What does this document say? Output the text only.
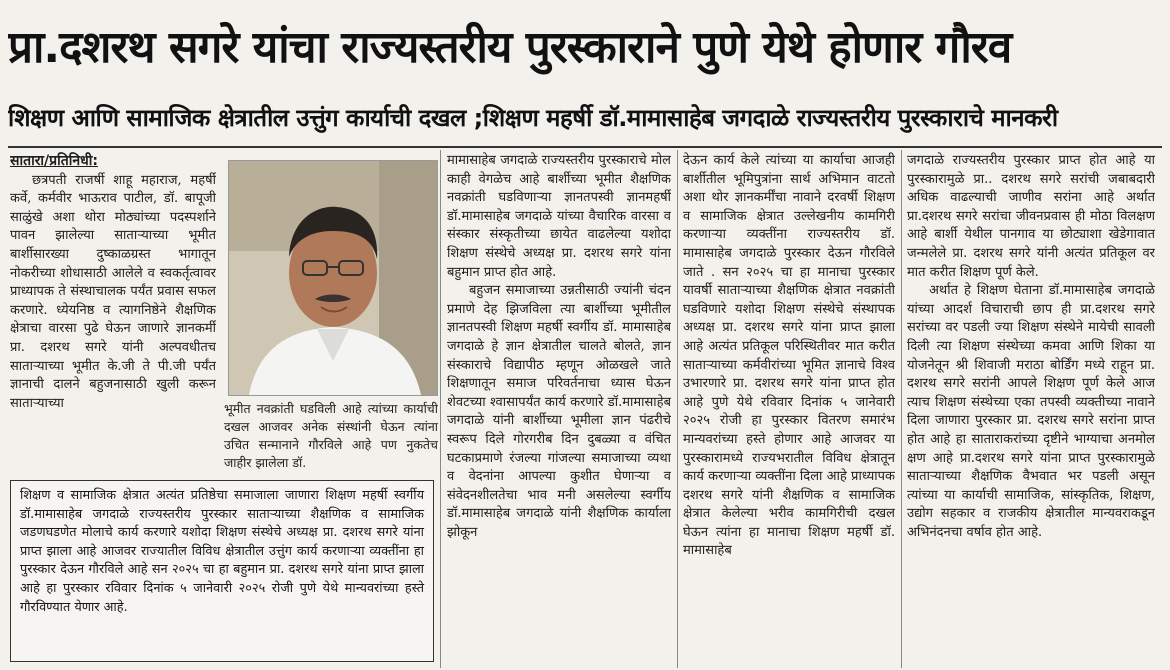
प्रा.दशरथ सगरे यांचा राज्यस्तरीय पुरस्काराने पुणे येथे होणार गौरव
शिक्षण आणि सामाजिक क्षेत्रातील उत्तुंग कार्याची दखल ;शिक्षण महर्षी डॉ.मामासाहेब जगदाळे राज्यस्तरीय पुरस्काराचे मानकरी

सातारा/प्रतिनिधी:

छत्रपती राजर्षी शाहू महाराज, महर्षी कर्वे, कर्मवीर भाऊराव पाटील, डॉ. बापूजी साळुंखे अशा थोरा मोठ्यांच्या पदस्पर्शाने पावन झालेल्या साताऱ्याच्या भूमीत बार्शीसारख्या दुष्काळग्रस्त भागातून नोकरीच्या शोधासाठी आलेले व स्वकर्तृत्वावर प्राध्यापक ते संस्थाचालक पर्यंत प्रवास सफल करणारे. ध्येयनिष्ठ व त्यागनिष्ठेने शैक्षणिक क्षेत्राचा वारसा पुढे घेऊन जाणारे ज्ञानकर्मी प्रा. दशरथ सगरे यांनी अल्पवधीतच साताऱ्याच्या भूमीत के.जी ते पी.जी पर्यंत ज्ञानाची दालने बहुजनासाठी खुली करून साताऱ्याच्या	भूमीत नवक्रांती घडविली आहे त्यांच्या कार्याची दखल आजवर अनेक संस्थांनी घेऊन त्यांना उचित सन्मानाने गौरविले आहे पण नुकतेच जाहीर झालेला डॉ.

शिक्षण व सामाजिक क्षेत्रात अत्यंत प्रतिष्ठेचा समाजाला जाणारा शिक्षण महर्षी स्वर्गीय डॉ.मामासाहेब जगदाळे राज्यस्तरीय पुरस्कार साताऱ्याच्या शैक्षणिक व सामाजिक जडणघडणेत मोलाचे कार्य करणारे यशोदा शिक्षण संस्थेचे अध्यक्ष प्रा. दशरथ सगरे यांना प्राप्त झाला आहे आजवर राज्यातील विविध क्षेत्रातील उत्तुंग कार्य करणाऱ्या व्यक्तींना हा पुरस्कार देऊन गौरविले आहे सन २०२५ चा हा बहुमान प्रा. दशरथ सगरे यांना प्राप्त झाला आहे हा पुरस्कार रविवार दिनांक ५ जानेवारी २०२५ रोजी पुणे येथे मान्यवरांच्या हस्ते गौरविण्यात येणार आहे.

मामासाहेब जगदाळे राज्यस्तरीय पुरस्काराचे मोल काही वेगळेच आहे बार्शीच्या भूमीत शैक्षणिक नवक्रांती घडविणाऱ्या ज्ञानतपस्वी ज्ञानमहर्षी डॉ.मामासाहेब जगदाळे यांच्या वैचारिक वारसा व संस्कार संस्कृतीच्या छायेत वाढलेल्या यशोदा शिक्षण संस्थेचे अध्यक्ष प्रा. दशरथ सगरे यांना बहुमान प्राप्त होत आहे.

बहुजन समाजाच्या उन्नतीसाठी ज्यांनी चंदन प्रमाणे देह झिजविला त्या बार्शीच्या भूमीतील ज्ञानतपस्वी शिक्षण महर्षी स्वर्गीय डॉ. मामासाहेब जगदाळे हे ज्ञान क्षेत्रातील चालते बोलते, ज्ञान संस्काराचे विद्यापीठ म्हणून ओळखले जाते शिक्षणातून समाज परिवर्तनाचा ध्यास घेऊन शेवटच्या श्वासापर्यंत कार्य करणारे डॉ.मामासाहेब जगदाळे यांनी बार्शीच्या भूमीला ज्ञान पंढरीचे स्वरूप दिले गोरगरीब दिन दुबळ्या व वंचित घटकाप्रमाणे रंजल्या गांजल्या समाजाच्या व्यथा व वेदनांना आपल्या कुशीत घेणाऱ्या व संवेदनशीलतेचा भाव मनी असलेल्या स्वर्गीय डॉ.मामासाहेब जगदाळे यांनी शैक्षणिक कार्याला झोकून

देऊन कार्य केले त्यांच्या या कार्याचा आजही बार्शीतील भूमिपुत्रांना सार्थ अभिमान वाटतो अशा थोर ज्ञानकर्मींचा नावाने दरवर्षी शिक्षण व सामाजिक क्षेत्रात उल्लेखनीय कामगिरी करणाऱ्या व्यक्तींना राज्यस्तरीय डॉ. मामासाहेब जगदाळे पुरस्कार देऊन गौरविले जाते . सन २०२५ चा हा मानाचा पुरस्कार यावर्षी साताऱ्याच्या शैक्षणिक क्षेत्रात नवक्रांती घडविणारे यशोदा शिक्षण संस्थेचे संस्थापक अध्यक्ष प्रा. दशरथ सगरे यांना प्राप्त झाला आहे अत्यंत प्रतिकूल परिस्थितीवर मात करीत साताऱ्याच्या कर्मवीरांच्या भूमित ज्ञानाचे विश्व उभारणारे प्रा. दशरथ सगरे यांना प्राप्त होत आहे पुणे येथे रविवार दिनांक ५ जानेवारी २०२५ रोजी हा पुरस्कार वितरण समारंभ मान्यवरांच्या हस्ते होणार आहे आजवर या पुरस्कारामध्ये राज्यभरातील विविध क्षेत्रातून कार्य करणाऱ्या व्यक्तींना दिला आहे प्राध्यापक दशरथ सगरे यांनी शैक्षणिक व सामाजिक क्षेत्रात केलेल्या भरीव कामगिरीची दखल घेऊन त्यांना हा मानाचा शिक्षण महर्षी डॉ. मामासाहेब

जगदाळे राज्यस्तरीय पुरस्कार प्राप्त होत आहे या पुरस्कारामुळे प्रा.. दशरथ सगरे सरांची जबाबदारी अधिक वाढल्याची जाणीव सरांना आहे अर्थात प्रा.दशरथ सगरे सरांचा जीवनप्रवास ही मोठा विलक्षण आहे बार्शी येथील पानगाव या छोट्याशा खेडेगावात जन्मलेले प्रा. दशरथ सगरे यांनी अत्यंत प्रतिकूल वर मात करीत शिक्षण पूर्ण केले.

अर्थात हे शिक्षण घेताना डॉ.मामासाहेब जगदाळे यांच्या आदर्श विचाराची छाप ही प्रा.दशरथ सगरे सरांच्या वर पडली ज्या शिक्षण संस्थेने मायेची सावली दिली त्या शिक्षण संस्थेच्या कमवा आणि शिका या योजनेतून श्री शिवाजी मराठा बोर्डिंग मध्ये राहून प्रा. दशरथ सगरे सरांनी आपले शिक्षण पूर्ण केले आज त्याच शिक्षण संस्थेच्या एका तपस्वी व्यक्तीच्या नावाने दिला जाणारा पुरस्कार प्रा. दशरथ सगरे सरांना प्राप्त होत आहे हा साताराकरांच्या दृष्टीने भाग्याचा अनमोल क्षण आहे प्रा.दशरथ सगरे यांना प्राप्त पुरस्कारामुळे साताऱ्याच्या शैक्षणिक वैभवात भर पडली असून त्यांच्या या कार्याची सामाजिक, सांस्कृतिक, शिक्षण, उद्योग सहकार व राजकीय क्षेत्रातील मान्यवराकडून अभिनंदनचा वर्षाव होत आहे.
